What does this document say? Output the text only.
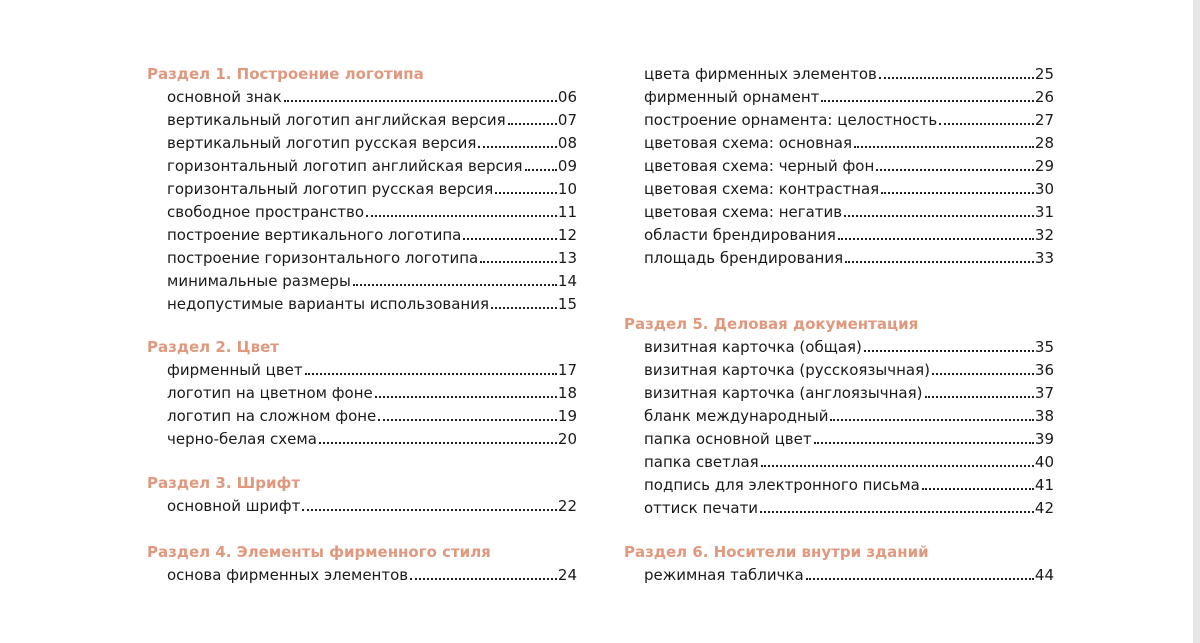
Раздел 1. Построение логотипа
основной знак	06
вертикальный логотип английская версия	07
вертикальный логотип русская версия	08
горизонтальный логотип английская версия 09
горизонтальный логотип русская версия	10
свободное пространство	11
построение вертикального логотипа	12
построение горизонтального логотипа	13
минимальные размеры	14
недопустимые варианты использования	15
Раздел 2. Цвет
фирменный цвет	17
логотип на цветном фоне	18
логотип на сложном фоне	19
черно-белая схема	20
Раздел 3. Шрифт
основной шрифт	22
Раздел 4. Элементы фирменного стиля
основа фирменных элементов	24
цвета фирменных элементов	25
фирменный орнамент	26
построение орнамента: целостность	27
цветовая схема: основная	28
цветовая схема: черный фон	29
цветовая схема: контрастная	30
цветовая схема: негатив	31
области брендирования	32
площадь брендирования	33
Раздел 5. Деловая документация
визитная карточка (общая)	35
визитная карточка (русскоязычная)	36
визитная карточка (англоязычная)	37
бланк международный	38
папка основной цвет	39
папка светлая	40
подпись для электронного письма	41
оттиск печати	42
Раздел 6. Носители внутри зданий
режимная табличка	44
